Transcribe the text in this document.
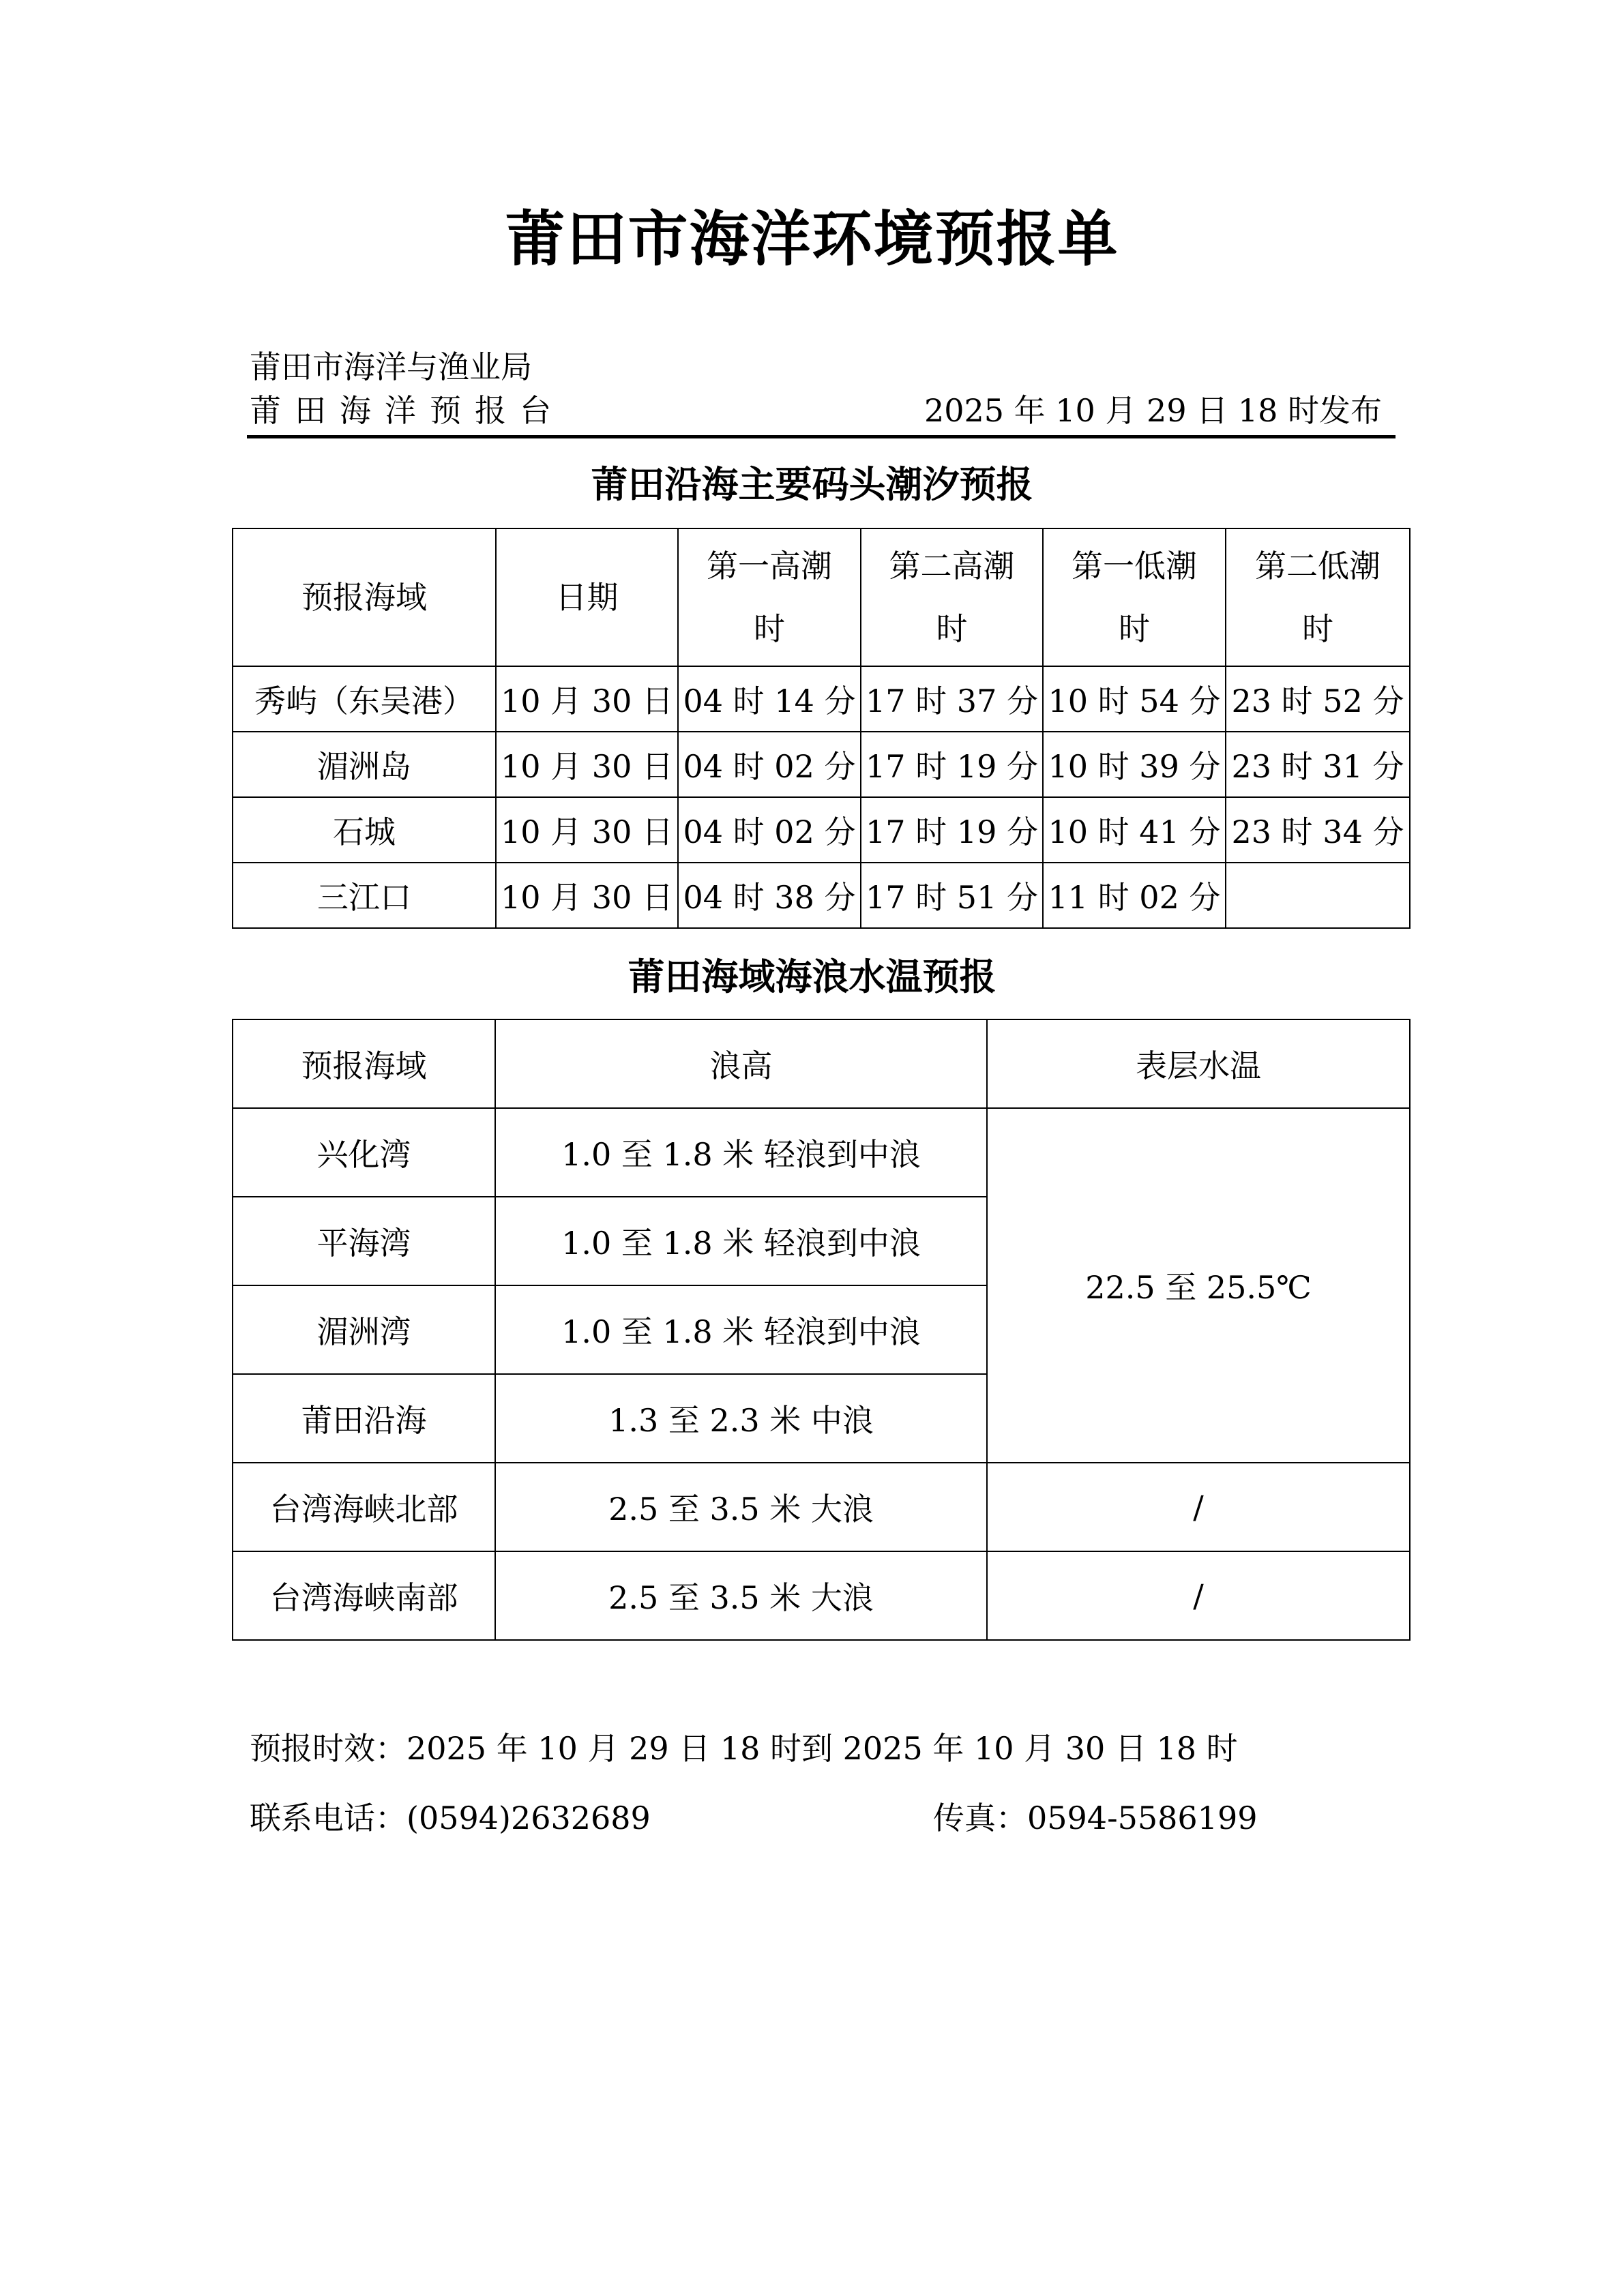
莆田市海洋环境预报单
莆田市海洋与渔业局
莆田海洋预报台	2025 年 10 月 29 日 18 时发布
莆田沿海主要码头潮汐预报
预报海域	日期	第一高潮时	第二高潮时	第一低潮时	第二低潮时
秀屿（东吴港）	10 月 30 日	04 时 14 分	17 时 37 分	10 时 54 分	23 时 52 分
湄洲岛	10 月 30 日	04 时 02 分	17 时 19 分	10 时 39 分	23 时 31 分
石城	10 月 30 日	04 时 02 分	17 时 19 分	10 时 41 分	23 时 34 分
三江口	10 月 30 日	04 时 38 分	17 时 51 分	11 时 02 分	
莆田海域海浪水温预报
预报海域	浪高	表层水温
兴化湾	1.0 至 1.8 米 轻浪到中浪	22.5 至 25.5℃
平海湾	1.0 至 1.8 米 轻浪到中浪	
湄洲湾	1.0 至 1.8 米 轻浪到中浪	
莆田沿海	1.3 至 2.3 米 中浪	
台湾海峡北部	2.5 至 3.5 米 大浪	/
台湾海峡南部	2.5 至 3.5 米 大浪	/
预报时效：2025 年 10 月 29 日 18 时到 2025 年 10 月 30 日 18 时
联系电话：(0594)2632689	传真：0594-5586199
